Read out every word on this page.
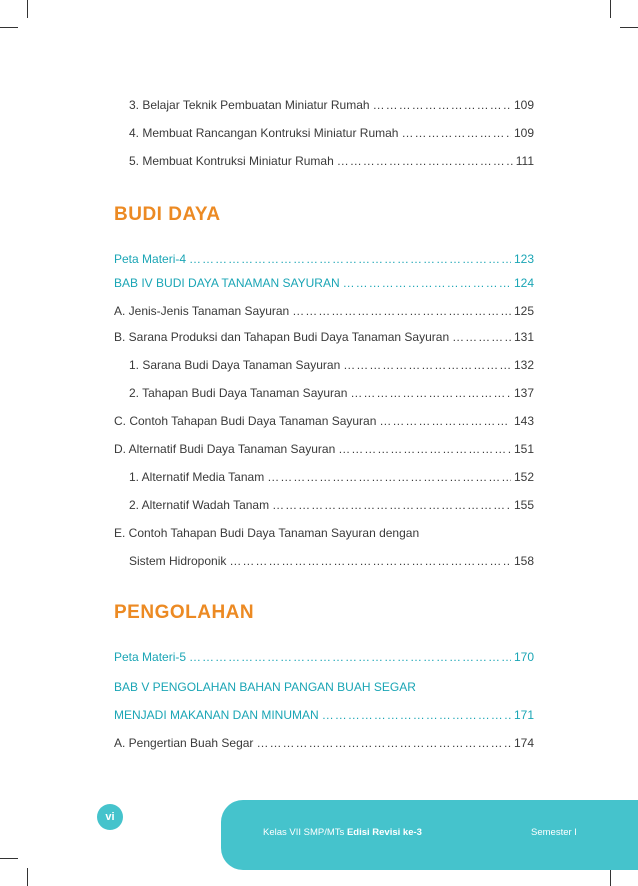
3. Belajar Teknik Pembuatan Miniatur Rumah ……………………………………………………………………………………………………………………………………………………	109
4. Membuat Rancangan Kontruksi Miniatur Rumah ……………………………………………………………………………………………………………………………………………………	109
5. Membuat Kontruksi Miniatur Rumah ……………………………………………………………………………………………………………………………………………………	111
BUDI DAYA
Peta Materi-4 ……………………………………………………………………………………………………………………………………………………	123
BAB IV BUDI DAYA TANAMAN SAYURAN ……………………………………………………………………………………………………………………………………………………	124
A. Jenis-Jenis Tanaman Sayuran ……………………………………………………………………………………………………………………………………………………	125
B. Sarana Produksi dan Tahapan Budi Daya Tanaman Sayuran ……………………………………………………………………………………………………………………………………………………	131
1. Sarana Budi Daya Tanaman Sayuran ……………………………………………………………………………………………………………………………………………………	132
2. Tahapan Budi Daya Tanaman Sayuran ……………………………………………………………………………………………………………………………………………………	137
C. Contoh Tahapan Budi Daya Tanaman Sayuran ……………………………………………………………………………………………………………………………………………………	143
D. Alternatif Budi Daya Tanaman Sayuran ……………………………………………………………………………………………………………………………………………………	151
1. Alternatif Media Tanam ……………………………………………………………………………………………………………………………………………………	152
2. Alternatif Wadah Tanam ……………………………………………………………………………………………………………………………………………………	155
E. Contoh Tahapan Budi Daya Tanaman Sayuran dengan
Sistem Hidroponik ……………………………………………………………………………………………………………………………………………………	158
PENGOLAHAN
Peta Materi-5 ……………………………………………………………………………………………………………………………………………………	170
BAB V PENGOLAHAN BAHAN PANGAN BUAH SEGAR
MENJADI MAKANAN DAN MINUMAN ……………………………………………………………………………………………………………………………………………………	171
A. Pengertian Buah Segar ……………………………………………………………………………………………………………………………………………………	174
vi
Kelas VII SMP/MTs Edisi Revisi ke-3	Semester I
